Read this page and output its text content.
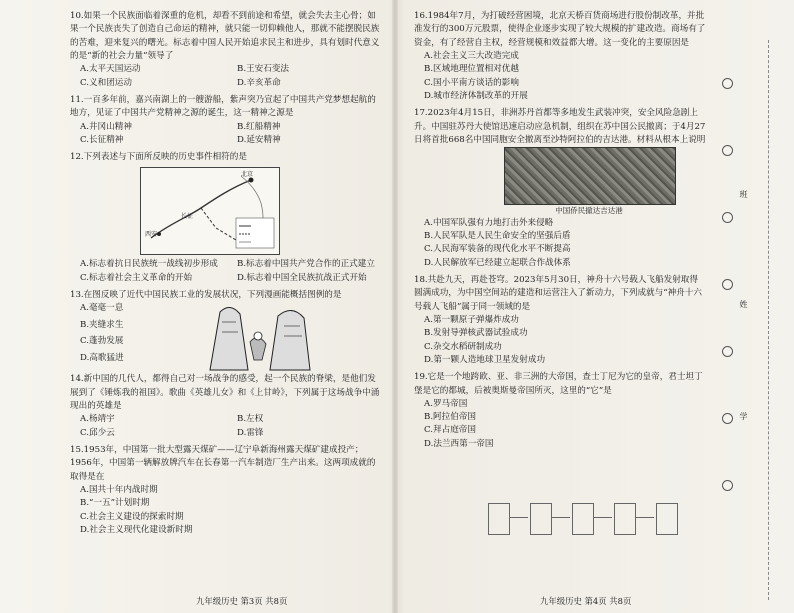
10.如果一个民族面临着深重的危机，却看不到前途和希望，就会失去主心骨；如果一个民族丧失了创造自己命运的精神，就只能一切仰赖他人，那就不能摆脱民族的苦难，迎来复兴的曙光。标志着中国人民开始追求民主和进步，具有划时代意义的是“新的社会力量”领导了

A.太平天国运动	B.王安石变法
C.义和团运动	D.辛亥革命

11.一百多年前，嘉兴南湖上的一艘游船，紫声突乃宣起了中国共产党梦想起航的地方，见证了中国共产党精神之源的诞生，这一精神之源是

A.井冈山精神	B.红船精神
C.长征精神	D.延安精神

12.下列表述与下面所反映的历史事件相符的是

西安
长征
北京
A.标志着抗日民族统一战线初步形成	B.标志着中国共产党合作的正式建立
C.标志着社会主义革命的开始	D.标志着中国全民族抗战正式开始

13.在图反映了近代中国民族工业的发展状况，下列漫画能概括图例的是

A.毫毫一息
B.夹缝求生
C.蓬勃发展
D.高歌猛进

14.新中国的几代人，都得自己对一场战争的感受，起一个民族的脊梁，是他们发展到了《锤炼我的祖国》。歌曲《英雄儿女》和《上甘岭》，下列属于这场战争中涌现出的英雄是

A.杨靖宇	B.左权
C.邱少云	D.雷锋

15.1953年，中国第一批大型露天煤矿——辽宁阜新海州露天煤矿建成投产；1956年，中国第一辆解放牌汽车在长春第一汽车制造厂生产出来。这两项成就的取得是在

A.国共十年内战时期
B.“一五”计划时期
C.社会主义建设的探索时期
D.社会主义现代化建设新时期
九年级历史 第3页 共8页

16.1984年7月，为打破经营困境，北京天桥百货商场进行股份制改革，并批准发行的300万元股票，使得企业逐步实现了较大规模的扩建改造。商场有了资金，有了经营自主权，经营规模和效益都大增。这一变化的主要原因是

A.社会主义三大改造完成
B.区域地理位置相对优越
C.国小平南方谈话的影响
D.城市经济体制改革的开展

17.2023年4月15日，非洲苏丹首都等多地发生武装冲突，安全风险急剧上升。中国驻苏丹大使馆迅速启动应急机制，组织在苏中国公民撤离；于4月27日将首批668名中国同胞安全撤离至沙特阿拉伯的吉达港。材料从根本上说明

中国侨民撤达吉达港
A.中国军队强有力地打击外来侵略
B.人民军队是人民生命安全的坚强后盾
C.人民海军装备的现代化水平不断提高
D.人民解放军已经建立起联合作战体系

18.共赴九天，再赴苍穹。2023年5月30日，神舟十六号载人飞船发射取得圆满成功，为中国空间站的建造和运营注入了新动力，下列成就与“神舟十六号载人飞船”属于同一领域的是

A.第一颗原子弹爆炸成功
B.发射导弹核武器试验成功
C.杂交水稻研制成功
D.第一颗人造地球卫星发射成功

19.它是一个地跨欧、亚、非三洲的大帝国，查士丁尼为它的皇帝，君士坦丁堡是它的都城，后被奥斯曼帝国所灭，这里的“它”是

A.罗马帝国
B.阿拉伯帝国
C.拜占庭帝国
D.法兰西第一帝国
九年级历史 第4页 共8页
班
姓
学
